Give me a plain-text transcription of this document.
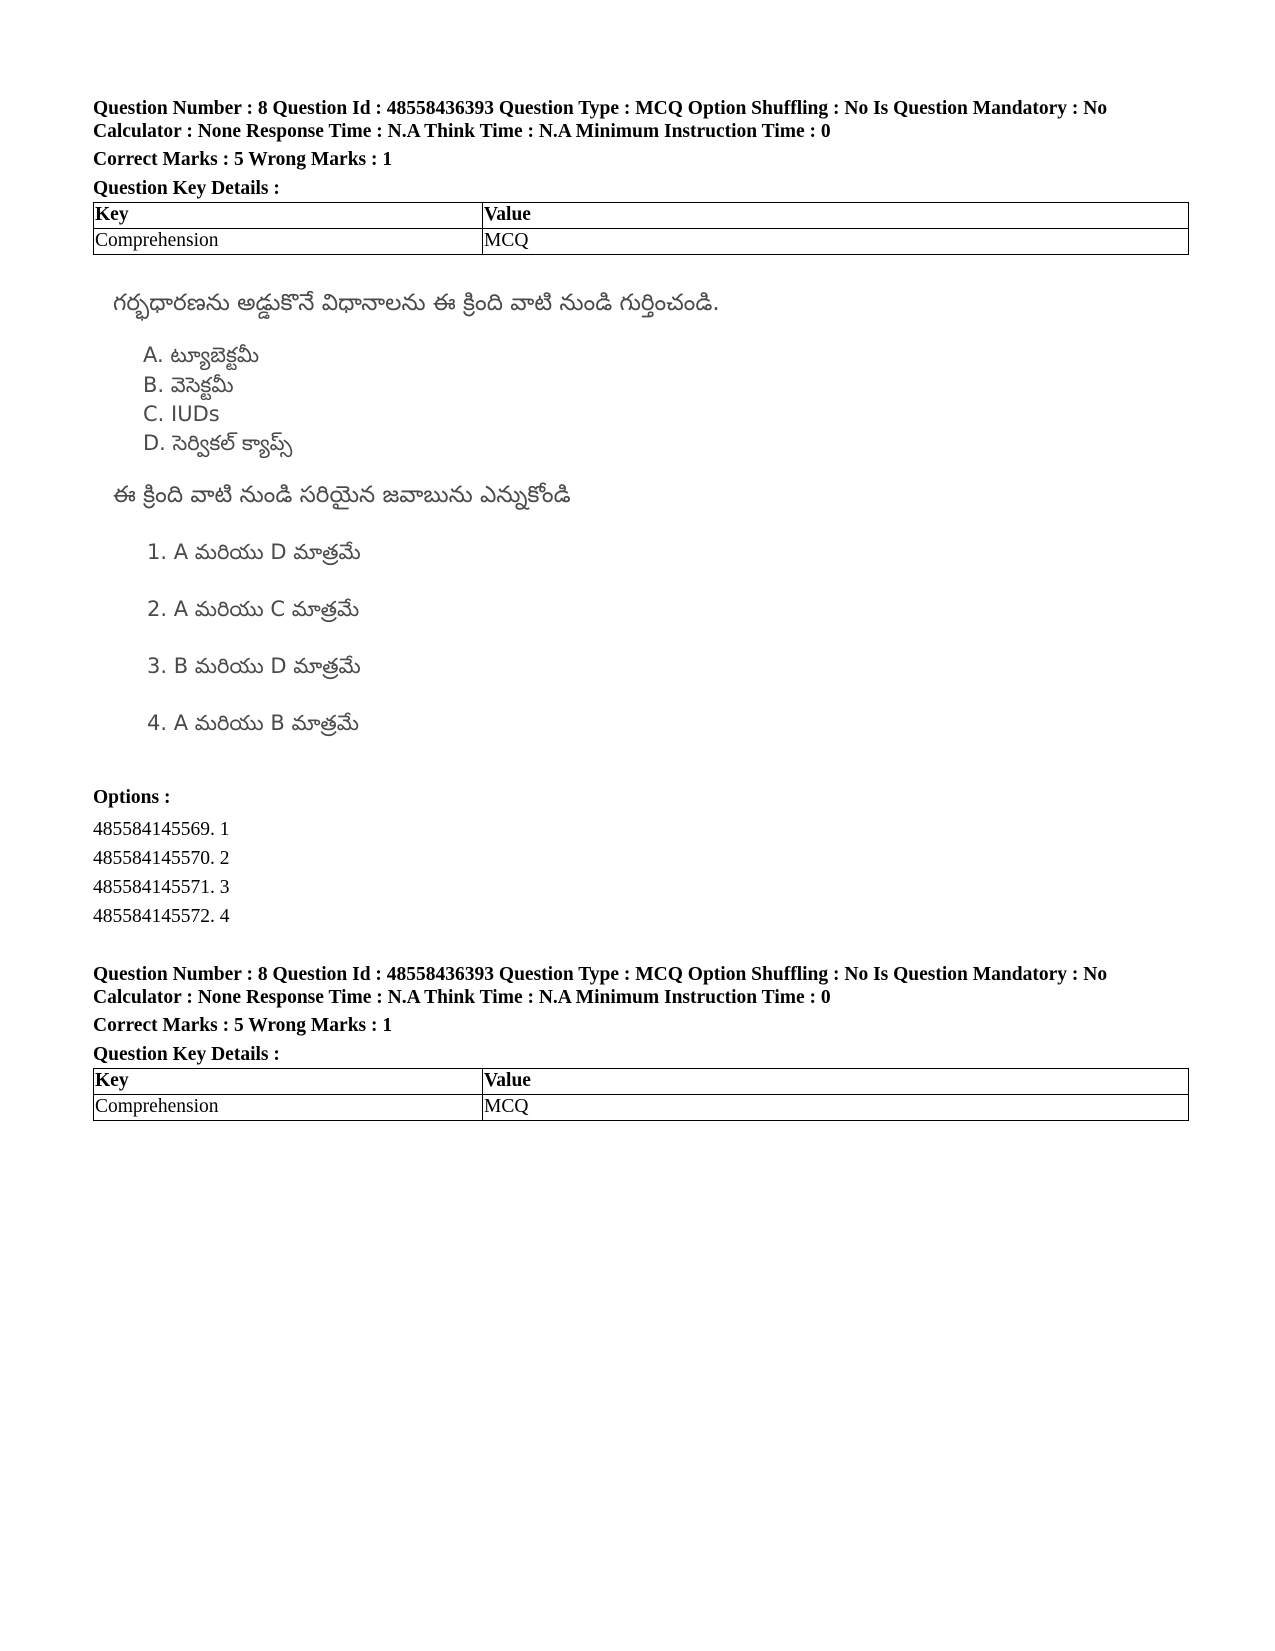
Question Number : 8 Question Id : 48558436393 Question Type : MCQ Option Shuffling : No Is Question Mandatory : No

Calculator : None Response Time : N.A Think Time : N.A Minimum Instruction Time : 0

Correct Marks : 5 Wrong Marks : 1

Question Key Details :

Key	Value
Comprehension	MCQ
గర్భధారణను అడ్డుకొనే విధానాలను ఈ క్రింది వాటి నుండి గుర్తించండి.
A. ట్యూబెక్టమీ
B. వెసెక్టమీ
C. IUDs
D. సెర్వికల్ క్యాప్స్
ఈ క్రింది వాటి నుండి సరియైన జవాబును ఎన్నుకోండి
1. A మరియు D మాత్రమే
2. A మరియు C మాత్రమే
3. B మరియు D మాత్రమే
4. A మరియు B మాత్రమే
Options :
485584145569. 1
485584145570. 2
485584145571. 3
485584145572. 4

Question Number : 8 Question Id : 48558436393 Question Type : MCQ Option Shuffling : No Is Question Mandatory : No

Calculator : None Response Time : N.A Think Time : N.A Minimum Instruction Time : 0

Correct Marks : 5 Wrong Marks : 1

Question Key Details :

Key	Value
Comprehension	MCQ
